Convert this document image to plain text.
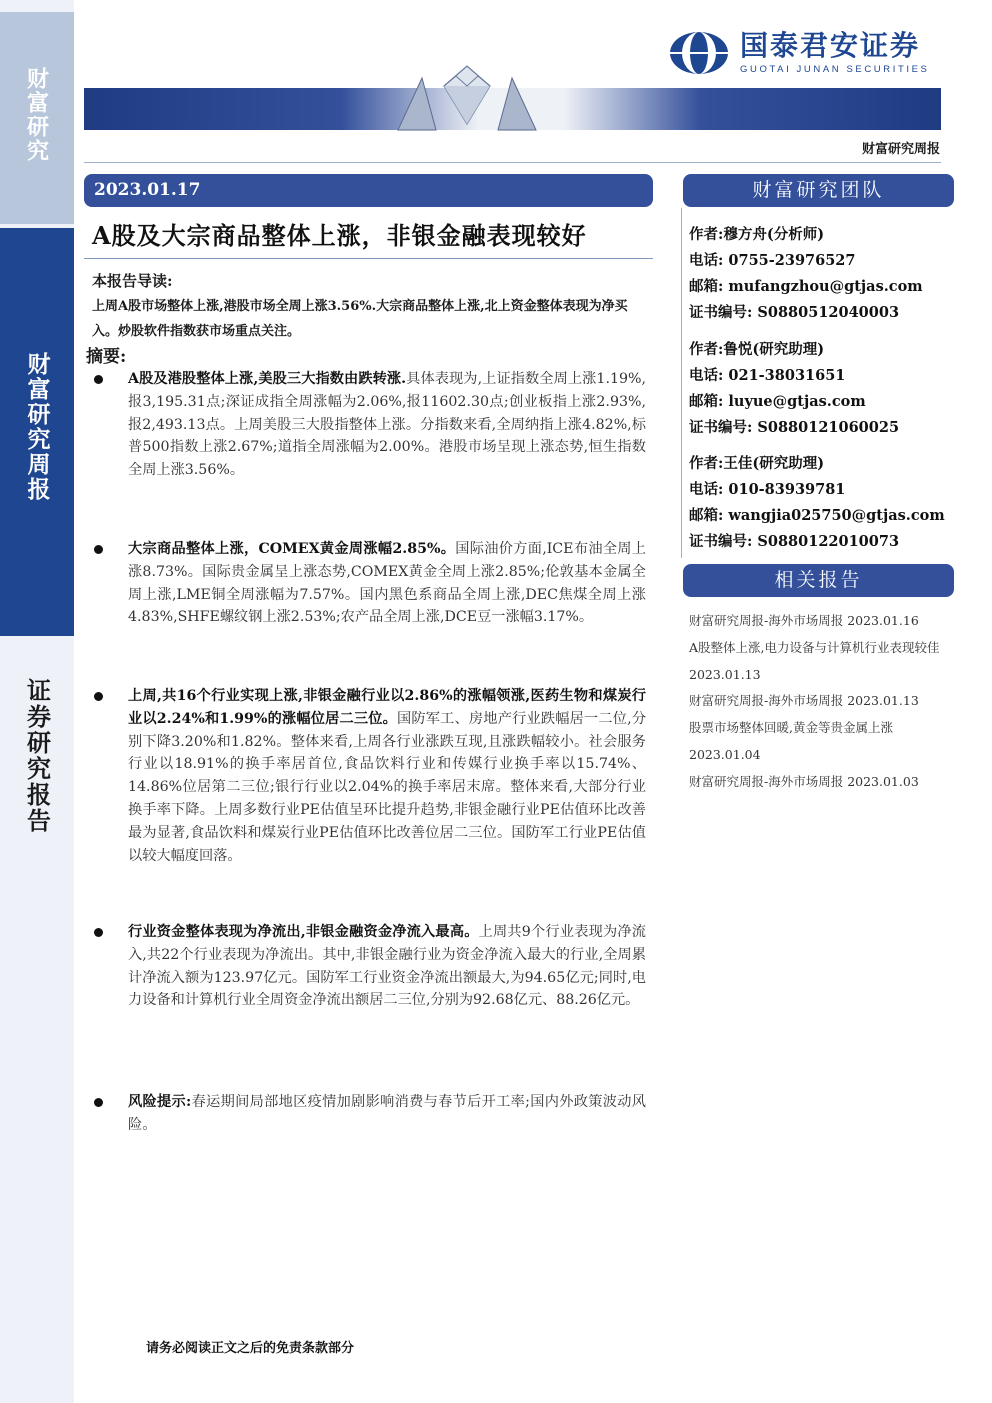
财富研究
财富研究周报
证券研究报告
国泰君安证券
GUOTAI JUNAN SECURITIES
财富研究周报
2023.01.17
A股及大宗商品整体上涨，非银金融表现较好
本报告导读:
上周A股市场整体上涨,港股市场全周上涨3.56%.大宗商品整体上涨,北上资金整体表现为净买入。炒股软件指数获市场重点关注。
摘要:
A股及港股整体上涨,美股三大指数由跌转涨.具体表现为,上证指数全周上涨1.19%,报3,195.31点;深证成指全周涨幅为2.06%,报11602.30点;创业板指上涨2.93%,报2,493.13点。上周美股三大股指整体上涨。分指数来看,全周纳指上涨4.82%,标普500指数上涨2.67%;道指全周涨幅为2.00%。港股市场呈现上涨态势,恒生指数全周上涨3.56%。
大宗商品整体上涨，COMEX黄金周涨幅2.85%。国际油价方面,ICE布油全周上涨8.73%。国际贵金属呈上涨态势,COMEX黄金全周上涨2.85%;伦敦基本金属全周上涨,LME铜全周涨幅为7.57%。国内黑色系商品全周上涨,DEC焦煤全周上涨4.83%,SHFE螺纹钢上涨2.53%;农产品全周上涨,DCE豆一涨幅3.17%。
上周,共16个行业实现上涨,非银金融行业以2.86%的涨幅领涨,医药生物和煤炭行业以2.24%和1.99%的涨幅位居二三位。国防军工、房地产行业跌幅居一二位,分别下降3.20%和1.82%。整体来看,上周各行业涨跌互现,且涨跌幅较小。社会服务行业以18.91%的换手率居首位,食品饮料行业和传媒行业换手率以15.74%、14.86%位居第二三位;银行行业以2.04%的换手率居末席。整体来看,大部分行业换手率下降。上周多数行业PE估值呈环比提升趋势,非银金融行业PE估值环比改善最为显著,食品饮料和煤炭行业PE估值环比改善位居二三位。国防军工行业PE估值以较大幅度回落。
行业资金整体表现为净流出,非银金融资金净流入最高。上周共9个行业表现为净流入,共22个行业表现为净流出。其中,非银金融行业为资金净流入最大的行业,全周累计净流入额为123.97亿元。国防军工行业资金净流出额最大,为94.65亿元;同时,电力设备和计算机行业全周资金净流出额居二三位,分别为92.68亿元、88.26亿元。
风险提示:春运期间局部地区疫情加剧影响消费与春节后开工率;国内外政策波动风险。
财富研究团队
作者:穆方舟(分析师)
电话: 0755-23976527
邮箱: mufangzhou@gtjas.com
证书编号: S0880512040003
作者:鲁悦(研究助理)
电话: 021-38031651
邮箱: luyue@gtjas.com
证书编号: S0880121060025
作者:王佳(研究助理)
电话: 010-83939781
邮箱: wangjia025750@gtjas.com
证书编号: S0880122010073
相关报告
财富研究周报-海外市场周报 2023.01.16
A股整体上涨,电力设备与计算机行业表现较佳 2023.01.13
财富研究周报-海外市场周报 2023.01.13
股票市场整体回暖,黄金等贵金属上涨 2023.01.04
财富研究周报-海外市场周报 2023.01.03
请务必阅读正文之后的免责条款部分
